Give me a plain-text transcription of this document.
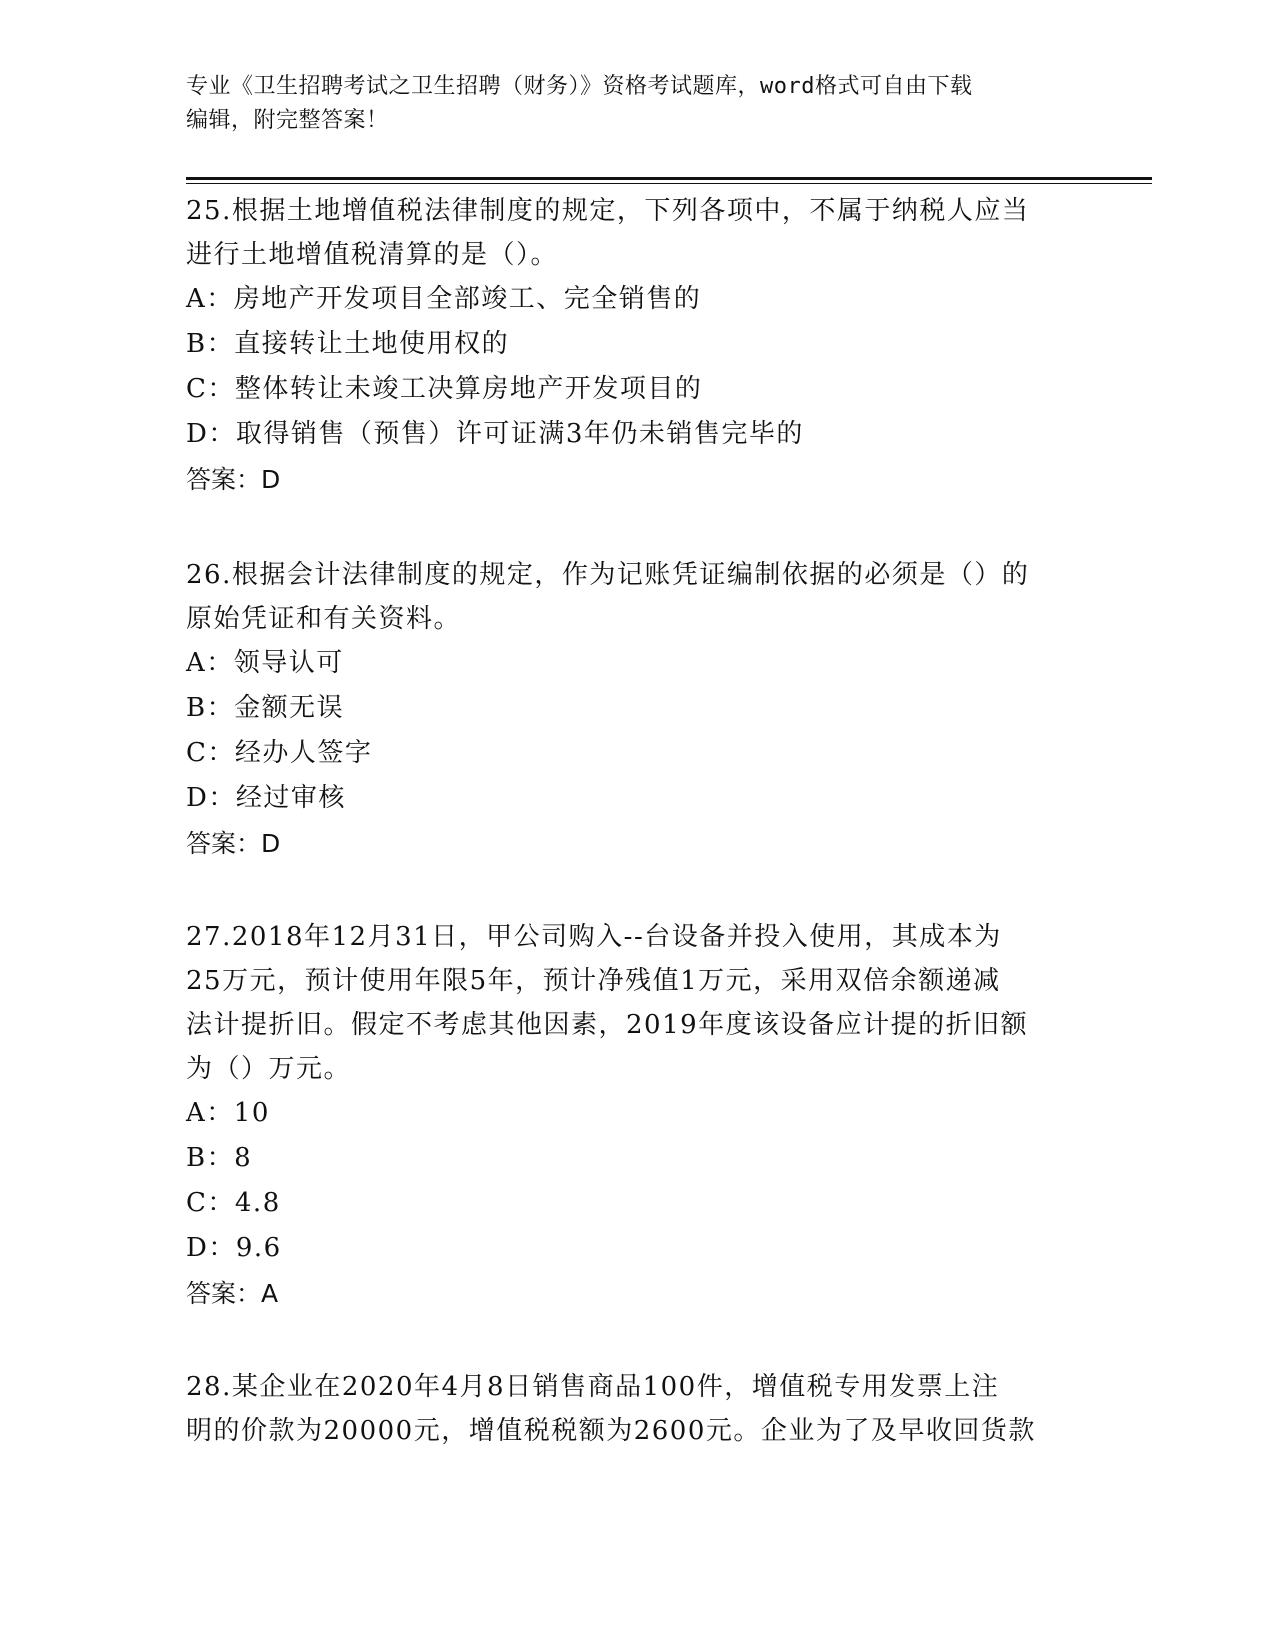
专业《卫生招聘考试之卫生招聘（财务）》资格考试题库，word格式可自由下载
编辑，附完整答案！

25.根据土地增值税法律制度的规定，下列各项中，不属于纳税人应当

进行土地增值税清算的是（）。

A：房地产开发项目全部竣工、完全销售的

B：直接转让土地使用权的

C：整体转让未竣工决算房地产开发项目的

D：取得销售（预售）许可证满3年仍未销售完毕的

答案：D

26.根据会计法律制度的规定，作为记账凭证编制依据的必须是（）的

原始凭证和有关资料。

A：领导认可

B：金额无误

C：经办人签字

D：经过审核

答案：D

27.2018年12月31日，甲公司购入--台设备并投入使用，其成本为

25万元，预计使用年限5年，预计净残值1万元，采用双倍余额递减

法计提折旧。假定不考虑其他因素，2019年度该设备应计提的折旧额

为（）万元。

A：10

B：8

C：4.8

D：9.6

答案：A

28.某企业在2020年4月8日销售商品100件，增值税专用发票上注

明的价款为20000元，增值税税额为2600元。企业为了及早收回货款
